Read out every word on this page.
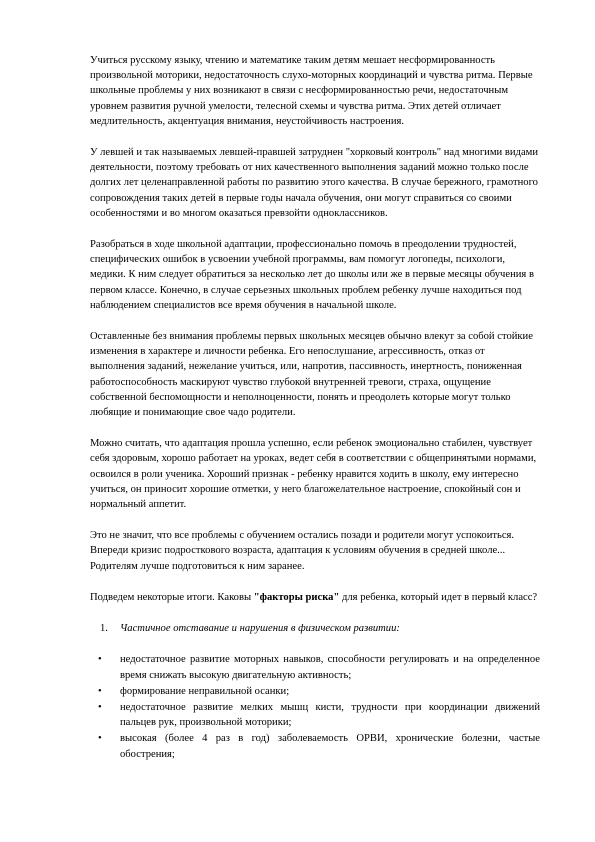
Учиться русскому языку, чтению и математике таким детям мешает несформированность произвольной моторики, недостаточность слухо-моторных координаций и чувства ритма. Первые школьные проблемы у них возникают в связи с несформированностью речи, недостаточным уровнем развития ручной умелости, телесной схемы и чувства ритма. Этих детей отличает медлительность, акцентуация внимания, неустойчивость настроения.

У левшей и так называемых левшей-правшей затруднен "хорковый контроль" над многими видами деятельности, поэтому требовать от них качественного выполнения заданий можно только после долгих лет целенаправленной работы по развитию этого качества. В случае бережного, грамотного сопровождения таких детей в первые годы начала обучения, они могут справиться со своими особенностями и во многом оказаться превзойти одноклассников.

Разобраться в ходе школьной адаптации, профессионально помочь в преодолении трудностей, специфических ошибок в усвоении учебной программы, вам помогут логопеды, психологи, медики. К ним следует обратиться за несколько лет до школы или же в первые месяцы обучения в первом классе. Конечно, в случае серьезных школьных проблем ребенку лучше находиться под наблюдением специалистов все время обучения в начальной школе.

Оставленные без внимания проблемы первых школьных месяцев обычно влекут за собой стойкие изменения в характере и личности ребенка. Его непослушание, агрессивность, отказ от выполнения заданий, нежелание учиться, или, напротив, пассивность, инертность, пониженная работоспособность маскируют чувство глубокой внутренней тревоги, страха, ощущение собственной беспомощности и неполноценности, понять и преодолеть которые могут только любящие и понимающие свое чадо родители.

Можно считать, что адаптация прошла успешно, если ребенок эмоционально стабилен, чувствует себя здоровым, хорошо работает на уроках, ведет себя в соответствии с общепринятыми нормами, освоился в роли ученика. Хороший признак - ребенку нравится ходить в школу, ему интересно учиться, он приносит хорошие отметки, у него благожелательное настроение, спокойный сон и нормальный аппетит.

Это не значит, что все проблемы с обучением остались позади и родители могут успокоиться. Впереди кризис подросткового возраста, адаптация к условиям обучения в средней школе... Родителям лучше подготовиться к ним заранее.

Подведем некоторые итоги. Каковы "факторы риска" для ребенка, который идет в первый класс?

1. Частичное отставание и нарушения в физическом развитии:
• недостаточное развитие моторных навыков, способности регулировать и на определенное время снижать высокую двигательную активность;
• формирование неправильной осанки;
• недостаточное развитие мелких мышц кисти, трудности при координации движений пальцев рук, произвольной моторики;
• высокая (более 4 раз в год) заболеваемость ОРВИ, хронические болезни, частые обострения;
